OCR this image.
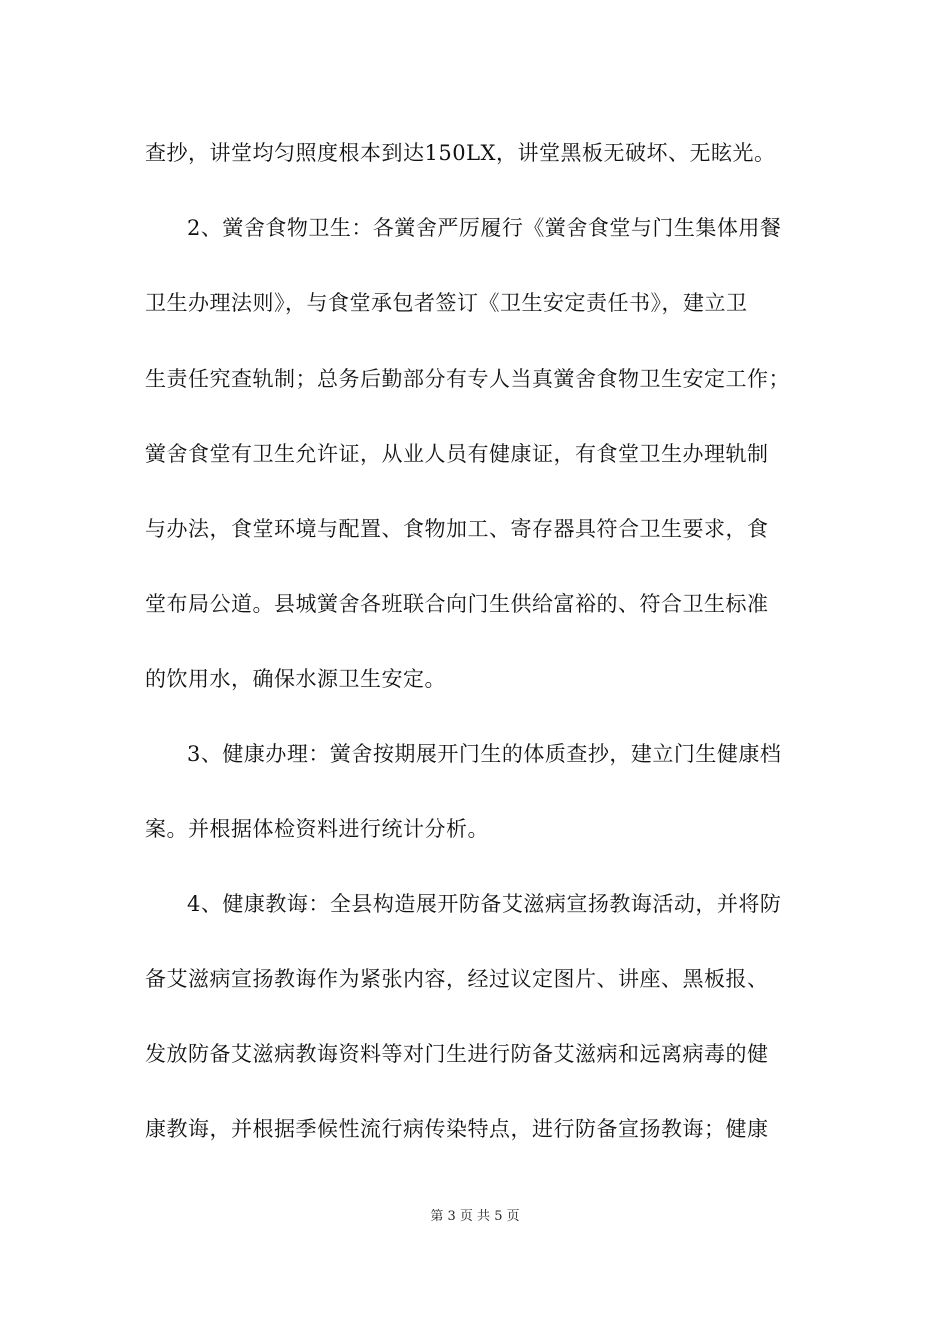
查抄，讲堂均匀照度根本到达150LX，讲堂黑板无破坏、无眩光。
2、黉舍食物卫生：各黉舍严厉履行《黉舍食堂与门生集体用餐
卫生办理法则》，与食堂承包者签订《卫生安定责任书》，建立卫
生责任究查轨制；总务后勤部分有专人当真黉舍食物卫生安定工作；
黉舍食堂有卫生允许证，从业人员有健康证，有食堂卫生办理轨制
与办法，食堂环境与配置、食物加工、寄存器具符合卫生要求，食
堂布局公道。县城黉舍各班联合向门生供给富裕的、符合卫生标准
的饮用水，确保水源卫生安定。
3、健康办理：黉舍按期展开门生的体质查抄，建立门生健康档
案。并根据体检资料进行统计分析。
4、健康教诲：全县构造展开防备艾滋病宣扬教诲活动，并将防
备艾滋病宣扬教诲作为紧张内容，经过议定图片、讲座、黑板报、
发放防备艾滋病教诲资料等对门生进行防备艾滋病和远离病毒的健
康教诲，并根据季候性流行病传染特点，进行防备宣扬教诲；健康
第 3 页 共 5 页
